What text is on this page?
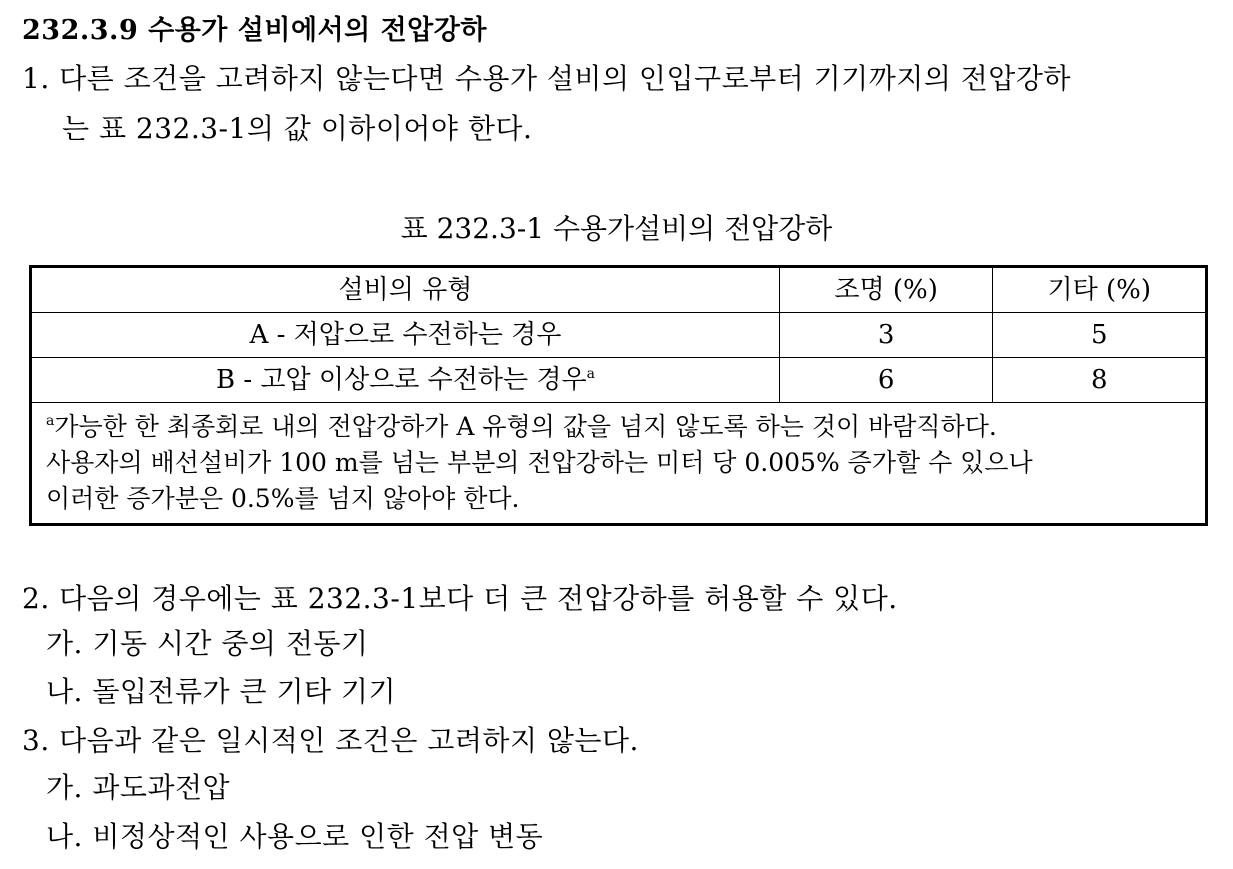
232.3.9 수용가 설비에서의 전압강하
1. 다른 조건을 고려하지 않는다면 수용가 설비의 인입구로부터 기기까지의 전압강하
는 표 232.3-1의 값 이하이어야 한다.
표 232.3-1 수용가설비의 전압강하
설비의 유형	조명 (%)	기타 (%)
A - 저압으로 수전하는 경우	3	5
B - 고압 이상으로 수전하는 경우$^a$	6	8

$^a$가능한 한 최종회로 내의 전압강하가 A 유형의 값을 넘지 않도록 하는 것이 바람직하다.

사용자의 배선설비가 100 m를 넘는 부분의 전압강하는 미터 당 0.005% 증가할 수 있으나

이러한 증가분은 0.5%를 넘지 않아야 한다.		

2. 다음의 경우에는 표 232.3-1보다 더 큰 전압강하를 허용할 수 있다.
가. 기동 시간 중의 전동기
나. 돌입전류가 큰 기타 기기
3. 다음과 같은 일시적인 조건은 고려하지 않는다.
가. 과도과전압
나. 비정상적인 사용으로 인한 전압 변동
